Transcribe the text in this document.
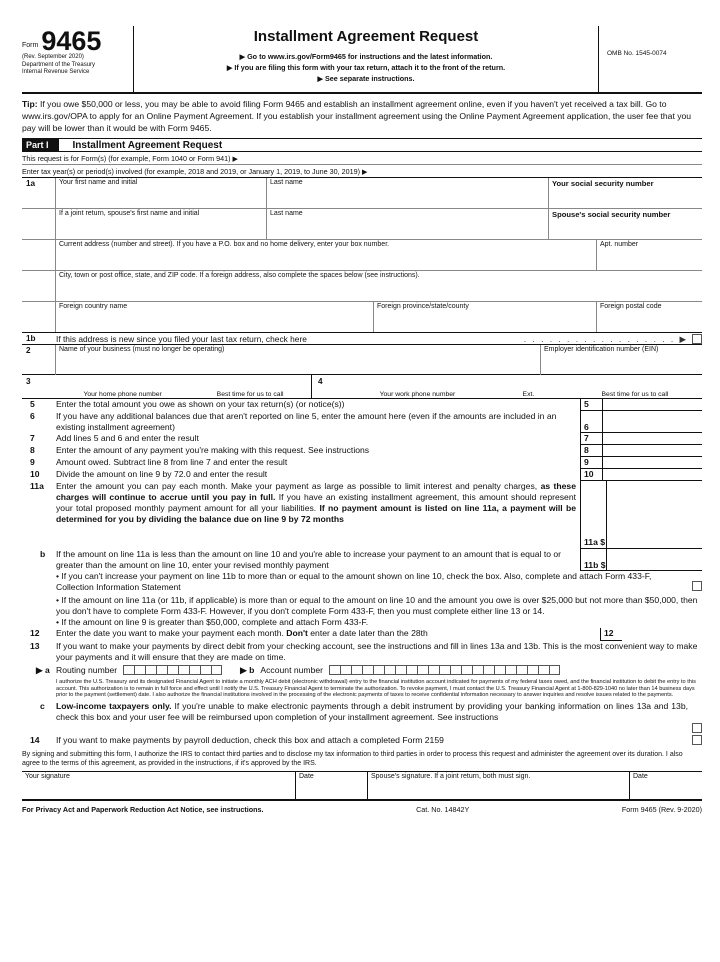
Form 9465
(Rev. September 2020)
Department of the Treasury
Internal Revenue Service
Installment Agreement Request
▶ Go to www.irs.gov/Form9465 for instructions and the latest information.
▶ If you are filing this form with your tax return, attach it to the front of the return.
▶ See separate instructions.
OMB No. 1545-0074
Tip: If you owe $50,000 or less, you may be able to avoid filing Form 9465 and establish an installment agreement online, even if you haven't yet received a tax bill. Go to www.irs.gov/OPA to apply for an Online Payment Agreement. If you establish your installment agreement using the Online Payment Agreement application, the user fee that you pay will be lower than it would be with Form 9465.
Part I	Installment Agreement Request
This request is for Form(s) (for example, Form 1040 or Form 941) ▶
Enter tax year(s) or period(s) involved (for example, 2018 and 2019, or January 1, 2019, to June 30, 2019) ▶
1a	Your first name and initial	Last name	Your social security number
If a joint return, spouse's first name and initial	Last name	Spouse's social security number
Current address (number and street). If you have a P.O. box and no home delivery, enter your box number.	Apt. number
City, town or post office, state, and ZIP code. If a foreign address, also complete the spaces below (see instructions).
Foreign country name	Foreign province/state/county	Foreign postal code
1b	If this address is new since you filed your last tax return, check here	. . . . . . . . . . . . . . . . . . ▶
2	Name of your business (must no longer be operating)	Employer identification number (EIN)
3
Your home phone number	Best time for us to call
4
Your work phone number	Ext.	Best time for us to call
5	Enter the total amount you owe as shown on your tax return(s) (or notice(s))	5
6	If you have any additional balances due that aren't reported on line 5, enter the amount here (even if the amounts are included in an existing installment agreement)	6
7	Add lines 5 and 6 and enter the result	7
8	Enter the amount of any payment you're making with this request. See instructions	8
9	Amount owed. Subtract line 8 from line 7 and enter the result	9
10	Divide the amount on line 9 by 72.0 and enter the result	10
11a	Enter the amount you can pay each month. Make your payment as large as possible to limit interest and penalty charges, as these charges will continue to accrue until you pay in full. If you have an existing installment agreement, this amount should represent your total proposed monthly payment amount for all your liabilities. If no payment amount is listed on line 11a, a payment will be determined for you by dividing the balance due on line 9 by 72 months
11a $
b	If the amount on line 11a is less than the amount on line 10 and you're able to increase your payment to an amount that is equal to or greater than the amount on line 10, enter your revised monthly payment	11b $
• If you can't increase your payment on line 11b to more than or equal to the amount shown on line 10, check the box. Also, complete and attach Form 433-F, Collection Information Statement
• If the amount on line 11a (or 11b, if applicable) is more than or equal to the amount on line 10 and the amount you owe is over $25,000 but not more than $50,000, then you don't have to complete Form 433-F. However, if you don't complete Form 433-F, then you must complete either line 13 or 14.
• If the amount on line 9 is greater than $50,000, complete and attach Form 433-F.
12	Enter the date you want to make your payment each month. Don't enter a date later than the 28th	12
13	If you want to make your payments by direct debit from your checking account, see the instructions and fill in lines 13a and 13b. This is the most convenient way to make your payments and it will ensure that they are made on time.
▶ a Routing number	▶ b Account number
I authorize the U.S. Treasury and its designated Financial Agent to initiate a monthly ACH debit (electronic withdrawal) entry to the financial institution account indicated for payments of my federal taxes owed, and the financial institution to debit the entry to this account. This authorization is to remain in full force and effect until I notify the U.S. Treasury Financial Agent to terminate the authorization. To revoke payment, I must contact the U.S. Treasury Financial Agent at 1-800-829-1040 no later than 14 business days prior to the payment (settlement) date. I also authorize the financial institutions involved in the processing of the electronic payments of taxes to receive confidential information necessary to answer inquiries and resolve issues related to the payments.
c	Low-income taxpayers only. If you're unable to make electronic payments through a debit instrument by providing your banking information on lines 13a and 13b, check this box and your user fee will be reimbursed upon completion of your installment agreement. See instructions
14	If you want to make payments by payroll deduction, check this box and attach a completed Form 2159
By signing and submitting this form, I authorize the IRS to contact third parties and to disclose my tax information to third parties in order to process this request and administer the agreement over its duration. I also agree to the terms of this agreement, as provided in the instructions, if it's approved by the IRS.
Your signature	Date	Spouse's signature. If a joint return, both must sign.	Date
For Privacy Act and Paperwork Reduction Act Notice, see instructions.	Cat. No. 14842Y	Form 9465 (Rev. 9-2020)
